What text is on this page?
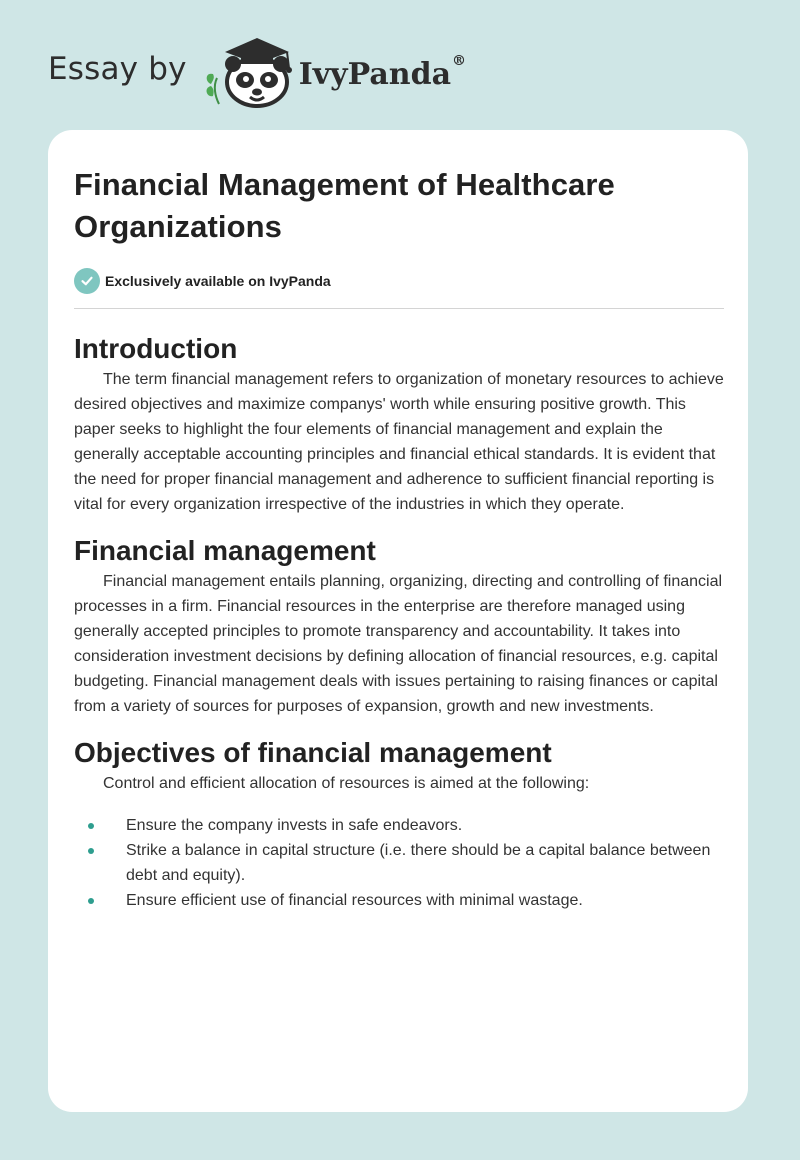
Essay by	IvyPanda®
Financial Management of Healthcare Organizations
Exclusively available on IvyPanda
Introduction

The term financial management refers to organization of monetary resources to achieve desired objectives and maximize companys' worth while ensuring positive growth. This paper seeks to highlight the four elements of financial management and explain the generally acceptable accounting principles and financial ethical standards. It is evident that the need for proper financial management and adherence to sufficient financial reporting is vital for every organization irrespective of the industries in which they operate.

Financial management

Financial management entails planning, organizing, directing and controlling of financial processes in a firm. Financial resources in the enterprise are therefore managed using generally accepted principles to promote transparency and accountability. It takes into consideration investment decisions by defining allocation of financial resources, e.g. capital budgeting. Financial management deals with issues pertaining to raising finances or capital from a variety of sources for purposes of expansion, growth and new investments.

Objectives of financial management

Control and efficient allocation of resources is aimed at the following:

Ensure the company invests in safe endeavors.
Strike a balance in capital structure (i.e. there should be a capital balance between debt and equity).
Ensure efficient use of financial resources with minimal wastage.
